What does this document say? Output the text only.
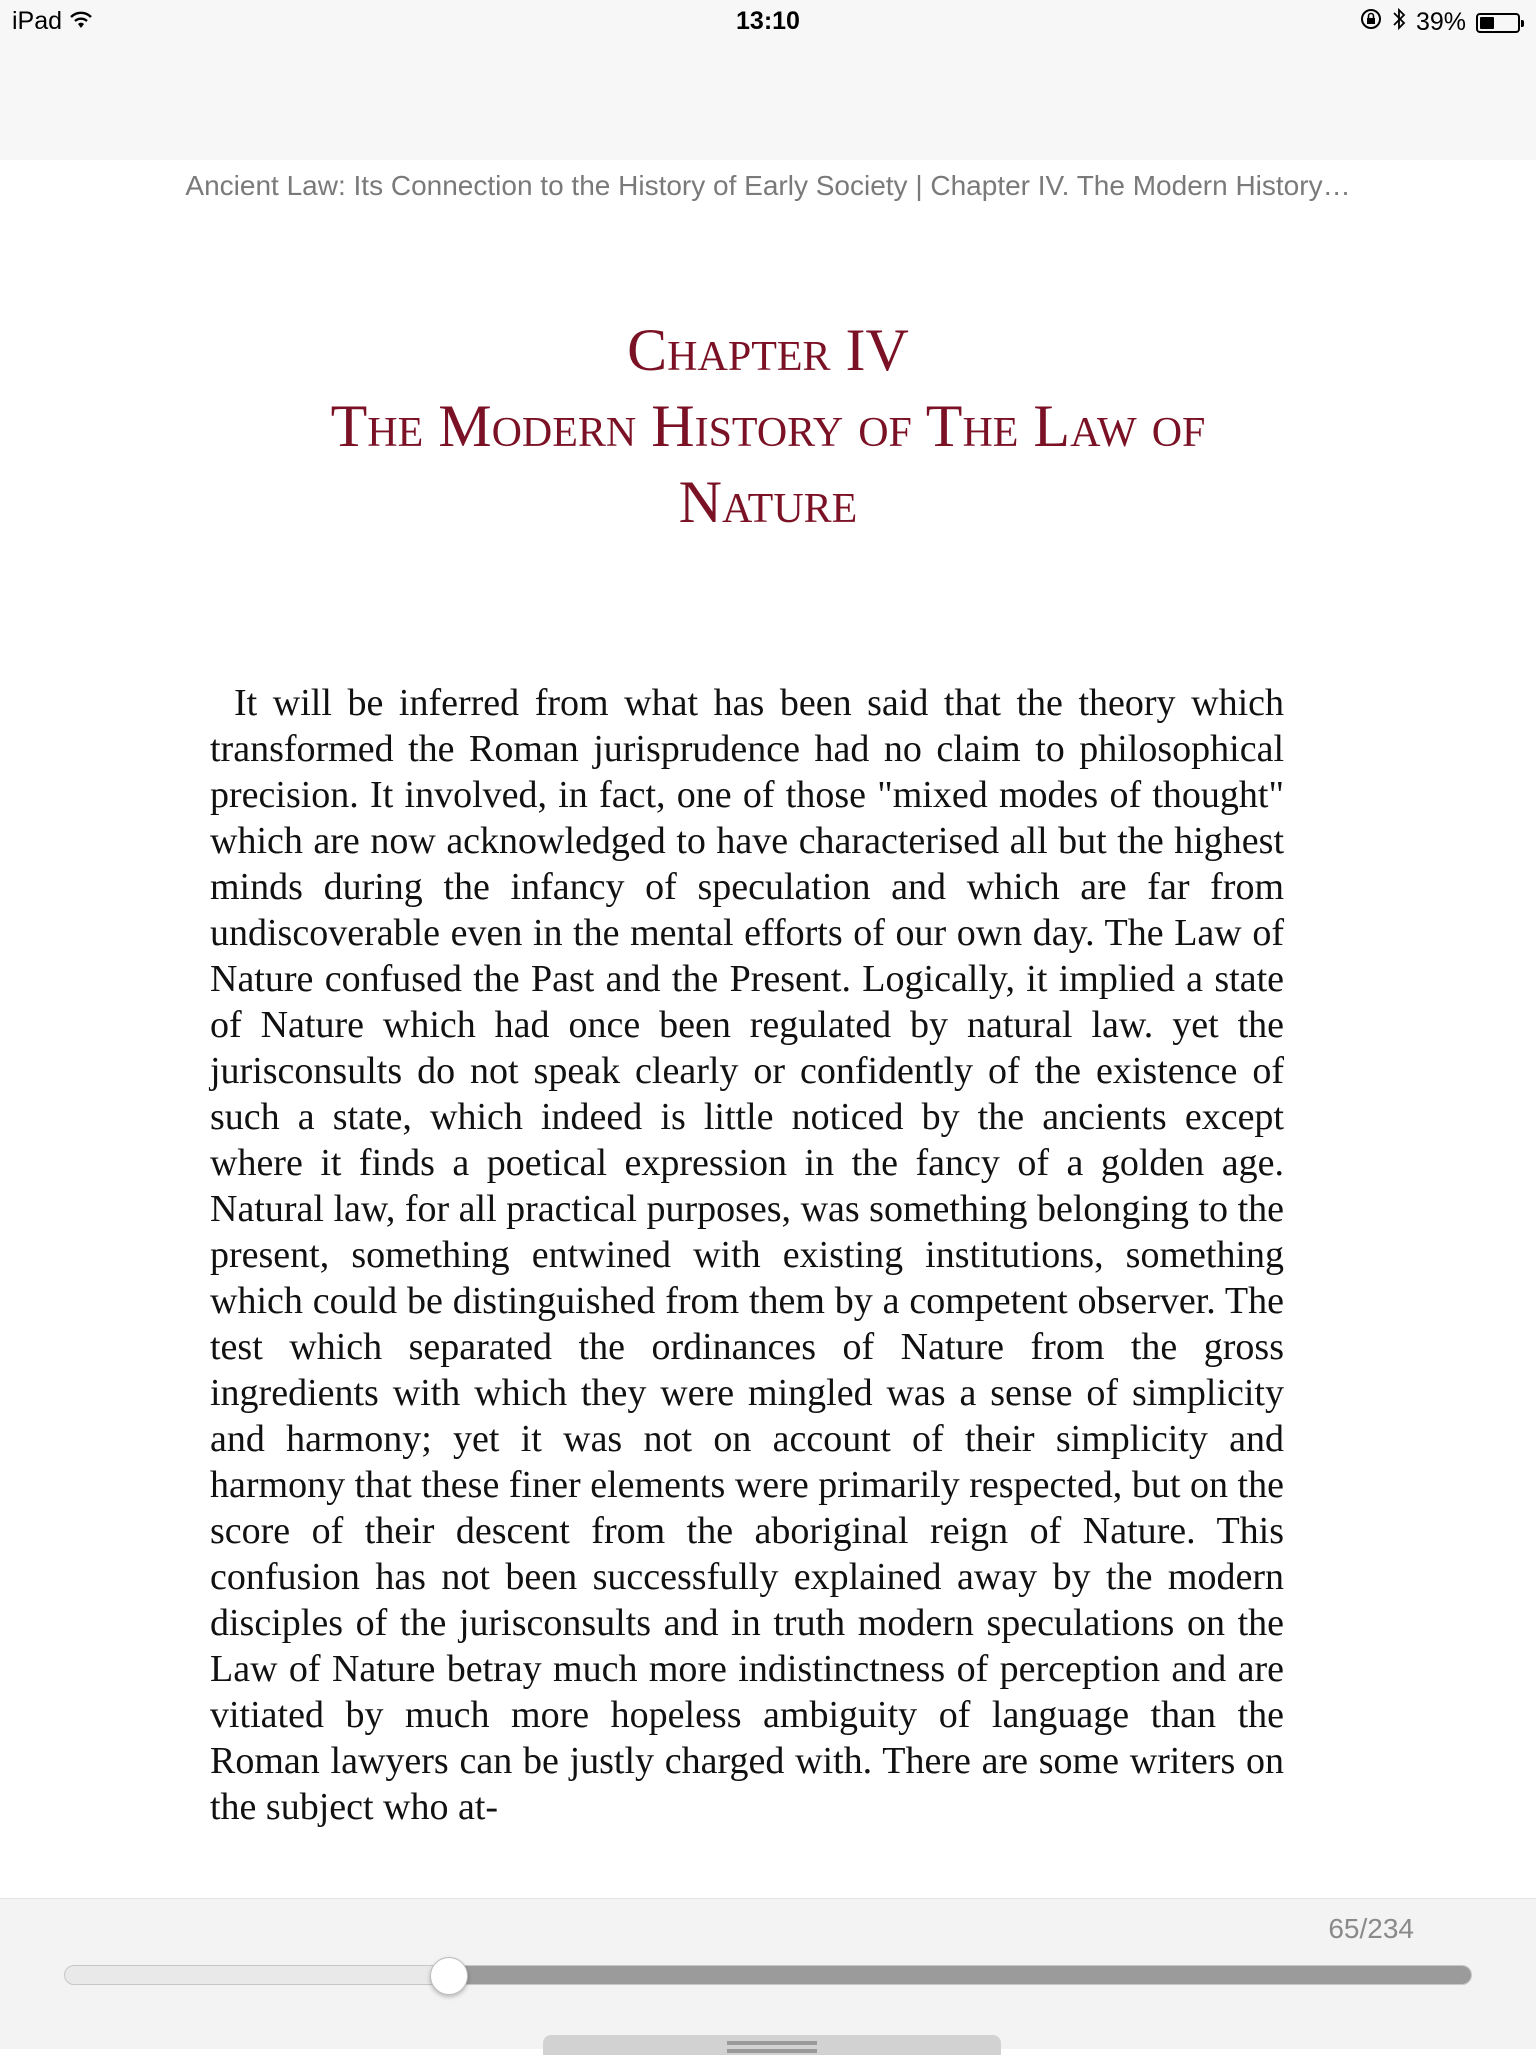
iPad	13:10	39%
Ancient Law: Its Connection to the History of Early Society | Chapter IV. The Modern History…
Chapter IV
The Modern History of The Law of
Nature

It will be inferred from what has been said that the theory which transformed the Roman jurisprudence had no claim to philosophical precision. It involved, in fact, one of those "mixed modes of thought" which are now acknowledged to have characterised all but the highest minds during the infancy of speculation and which are far from undiscoverable even in the mental efforts of our own day. The Law of Nature confused the Past and the Present. Logically, it implied a state of Nature which had once been regulated by natural law. yet the jurisconsults do not speak clearly or confidently of the existence of such a state, which indeed is little noticed by the ancients except where it finds a poetical expression in the fancy of a golden age. Natural law, for all practical purposes, was something belonging to the present, something entwined with existing institutions, something which could be distinguished from them by a competent observer. The test which separated the ordinances of Nature from the gross ingredients with which they were mingled was a sense of simplicity and harmony; yet it was not on account of their simplicity and harmony that these finer elements were primarily respected, but on the score of their descent from the aboriginal reign of Nature. This confusion has not been successfully explained away by the modern disciples of the jurisconsults and in truth modern speculations on the Law of Nature betray much more indistinctness of perception and are vitiated by much more hopeless ambiguity of language than the Roman lawyers can be justly charged with. There are some writers on the subject who at-

65/234
